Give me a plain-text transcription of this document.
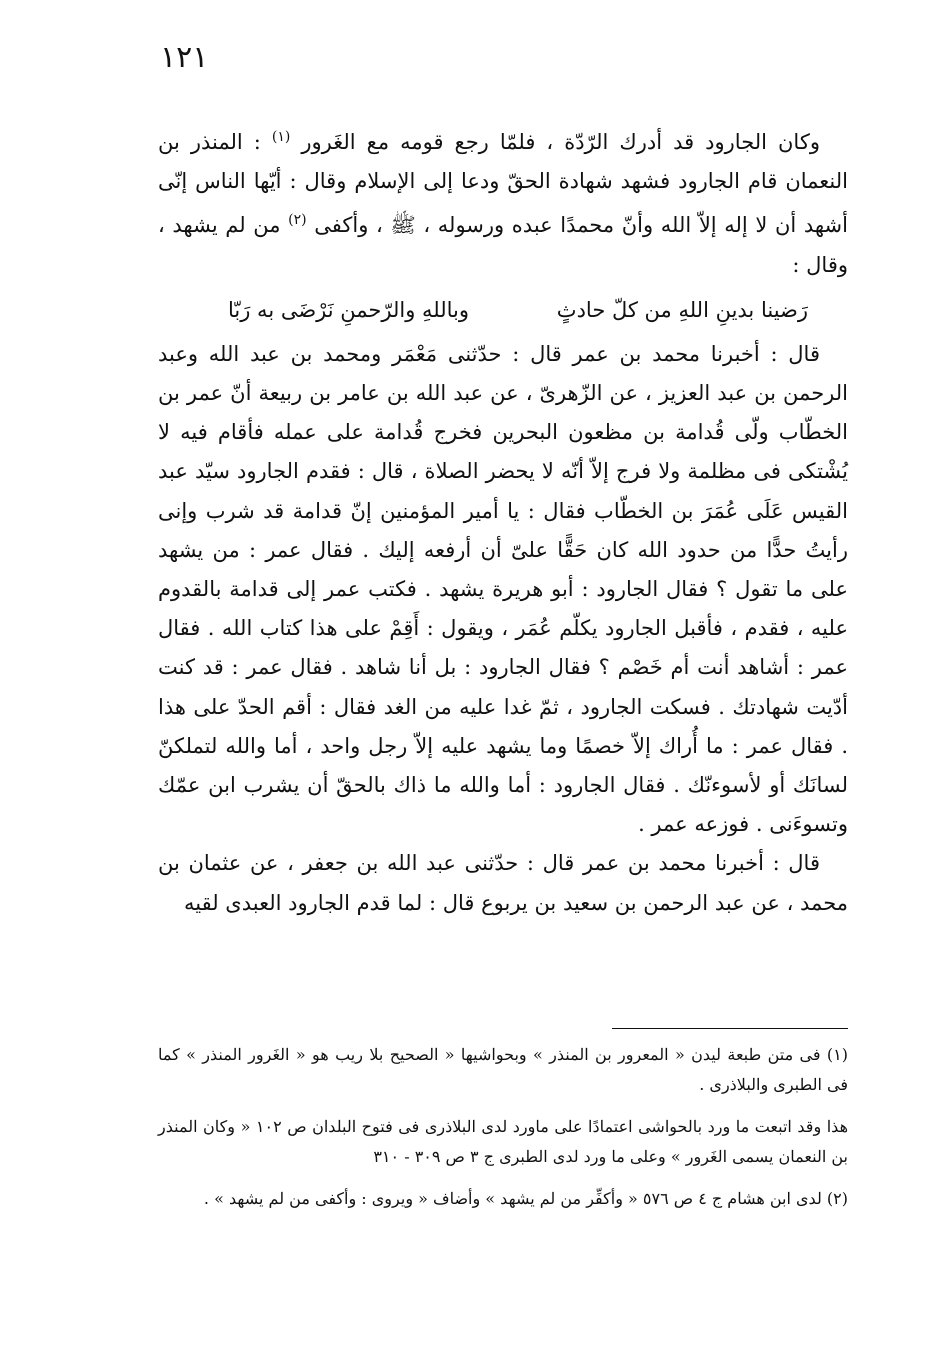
١٢١

وكان الجارود قد أدرك الرّدّة ، فلمّا رجع قومه مع الغَرور $^{(١)}$ : المنذر بن النعمان قام الجارود فشهد شهادة الحقّ ودعا إلى الإسلام وقال : أيّها الناس إنّى أشهد أن لا إله إلاّ الله وأنّ محمدًا عبده ورسوله ، ﷺ ، وأكفى $^{(٢)}$ من لم يشهد ، وقال :

رَضينا بدينِ اللهِ من كلّ حادثٍ
وباللهِ والرّحمنِ نَرْضَى به رَبّا

قال : أخبرنا محمد بن عمر قال : حدّثنى مَعْمَر ومحمد بن عبد الله وعبد الرحمن بن عبد العزيز ، عن الزّهرىّ ، عن عبد الله بن عامر بن ربيعة أنّ عمر بن الخطّاب ولّى قُدامة بن مظعون البحرين فخرج قُدامة على عمله فأقام فيه لا يُشْتكى فى مظلمة ولا فرج إلاّ أنّه لا يحضر الصلاة ، قال : فقدم الجارود سيّد عبد القيس عَلَى عُمَرَ بن الخطّاب فقال : يا أمير المؤمنين إنّ قدامة قد شرب وإنى رأيتُ حدًّا من حدود الله كان حَقًّا علىّ أن أرفعه إليك . فقال عمر : من يشهد على ما تقول ؟ فقال الجارود : أبو هريرة يشهد . فكتب عمر إلى قدامة بالقدوم عليه ، فقدم ، فأقبل الجارود يكلّم عُمَر ، ويقول : أَقِمْ على هذا كتاب الله . فقال عمر : أشاهد أنت أم خَصْم ؟ فقال الجارود : بل أنا شاهد . فقال عمر : قد كنت أدّيت شهادتك . فسكت الجارود ، ثمّ غدا عليه من الغد فقال : أقم الحدّ على هذا . فقال عمر : ما أُراك إلاّ خصمًا وما يشهد عليه إلاّ رجل واحد ، أما والله لتملكنّ لسانَك أو لأسوءنّك . فقال الجارود : أما والله ما ذاك بالحقّ أن يشرب ابن عمّك وتسوءَنى . فوزعه عمر .

قال : أخبرنا محمد بن عمر قال : حدّثنى عبد الله بن جعفر ، عن عثمان بن محمد ، عن عبد الرحمن بن سعيد بن يربوع قال : لما قدم الجارود العبدى لقيه

(١) فى متن طبعة ليدن « المعرور بن المنذر » وبحواشيها « الصحيح بلا ريب هو « الغَرور المنذر » كما فى الطبرى والبلاذرى .

هذا وقد اتبعت ما ورد بالحواشى اعتمادًا على ماورد لدى البلاذرى فى فتوح البلدان ص ١٠٢ « وكان المنذر بن النعمان يسمى الغَرور » وعلى ما ورد لدى الطبرى ج ٣ ص ٣٠٩ - ٣١٠

(٢) لدى ابن هشام ج ٤ ص ٥٧٦ « وأكفِّر من لم يشهد » وأضاف « ويروى : وأكفى من لم يشهد » .
